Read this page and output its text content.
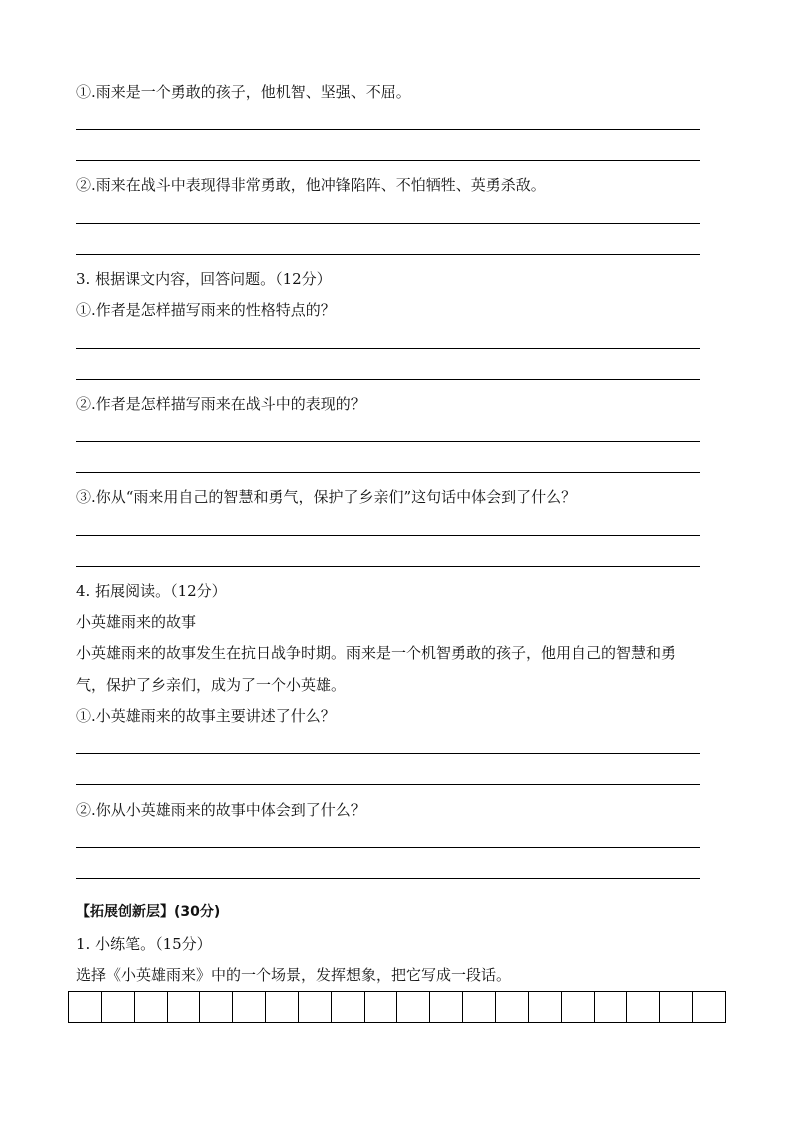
①.雨来是一个勇敢的孩子，他机智、坚强、不屈。
②.雨来在战斗中表现得非常勇敢，他冲锋陷阵、不怕牺牲、英勇杀敌。
3. 根据课文内容，回答问题。（12分）
①.作者是怎样描写雨来的性格特点的？
②.作者是怎样描写雨来在战斗中的表现的？
③.你从“雨来用自己的智慧和勇气，保护了乡亲们”这句话中体会到了什么？
4. 拓展阅读。（12分）
小英雄雨来的故事
小英雄雨来的故事发生在抗日战争时期。雨来是一个机智勇敢的孩子，他用自己的智慧和勇
气，保护了乡亲们，成为了一个小英雄。
①.小英雄雨来的故事主要讲述了什么？
②.你从小英雄雨来的故事中体会到了什么？
【拓展创新层】(30分)
1. 小练笔。（15分）
选择《小英雄雨来》中的一个场景，发挥想象，把它写成一段话。
